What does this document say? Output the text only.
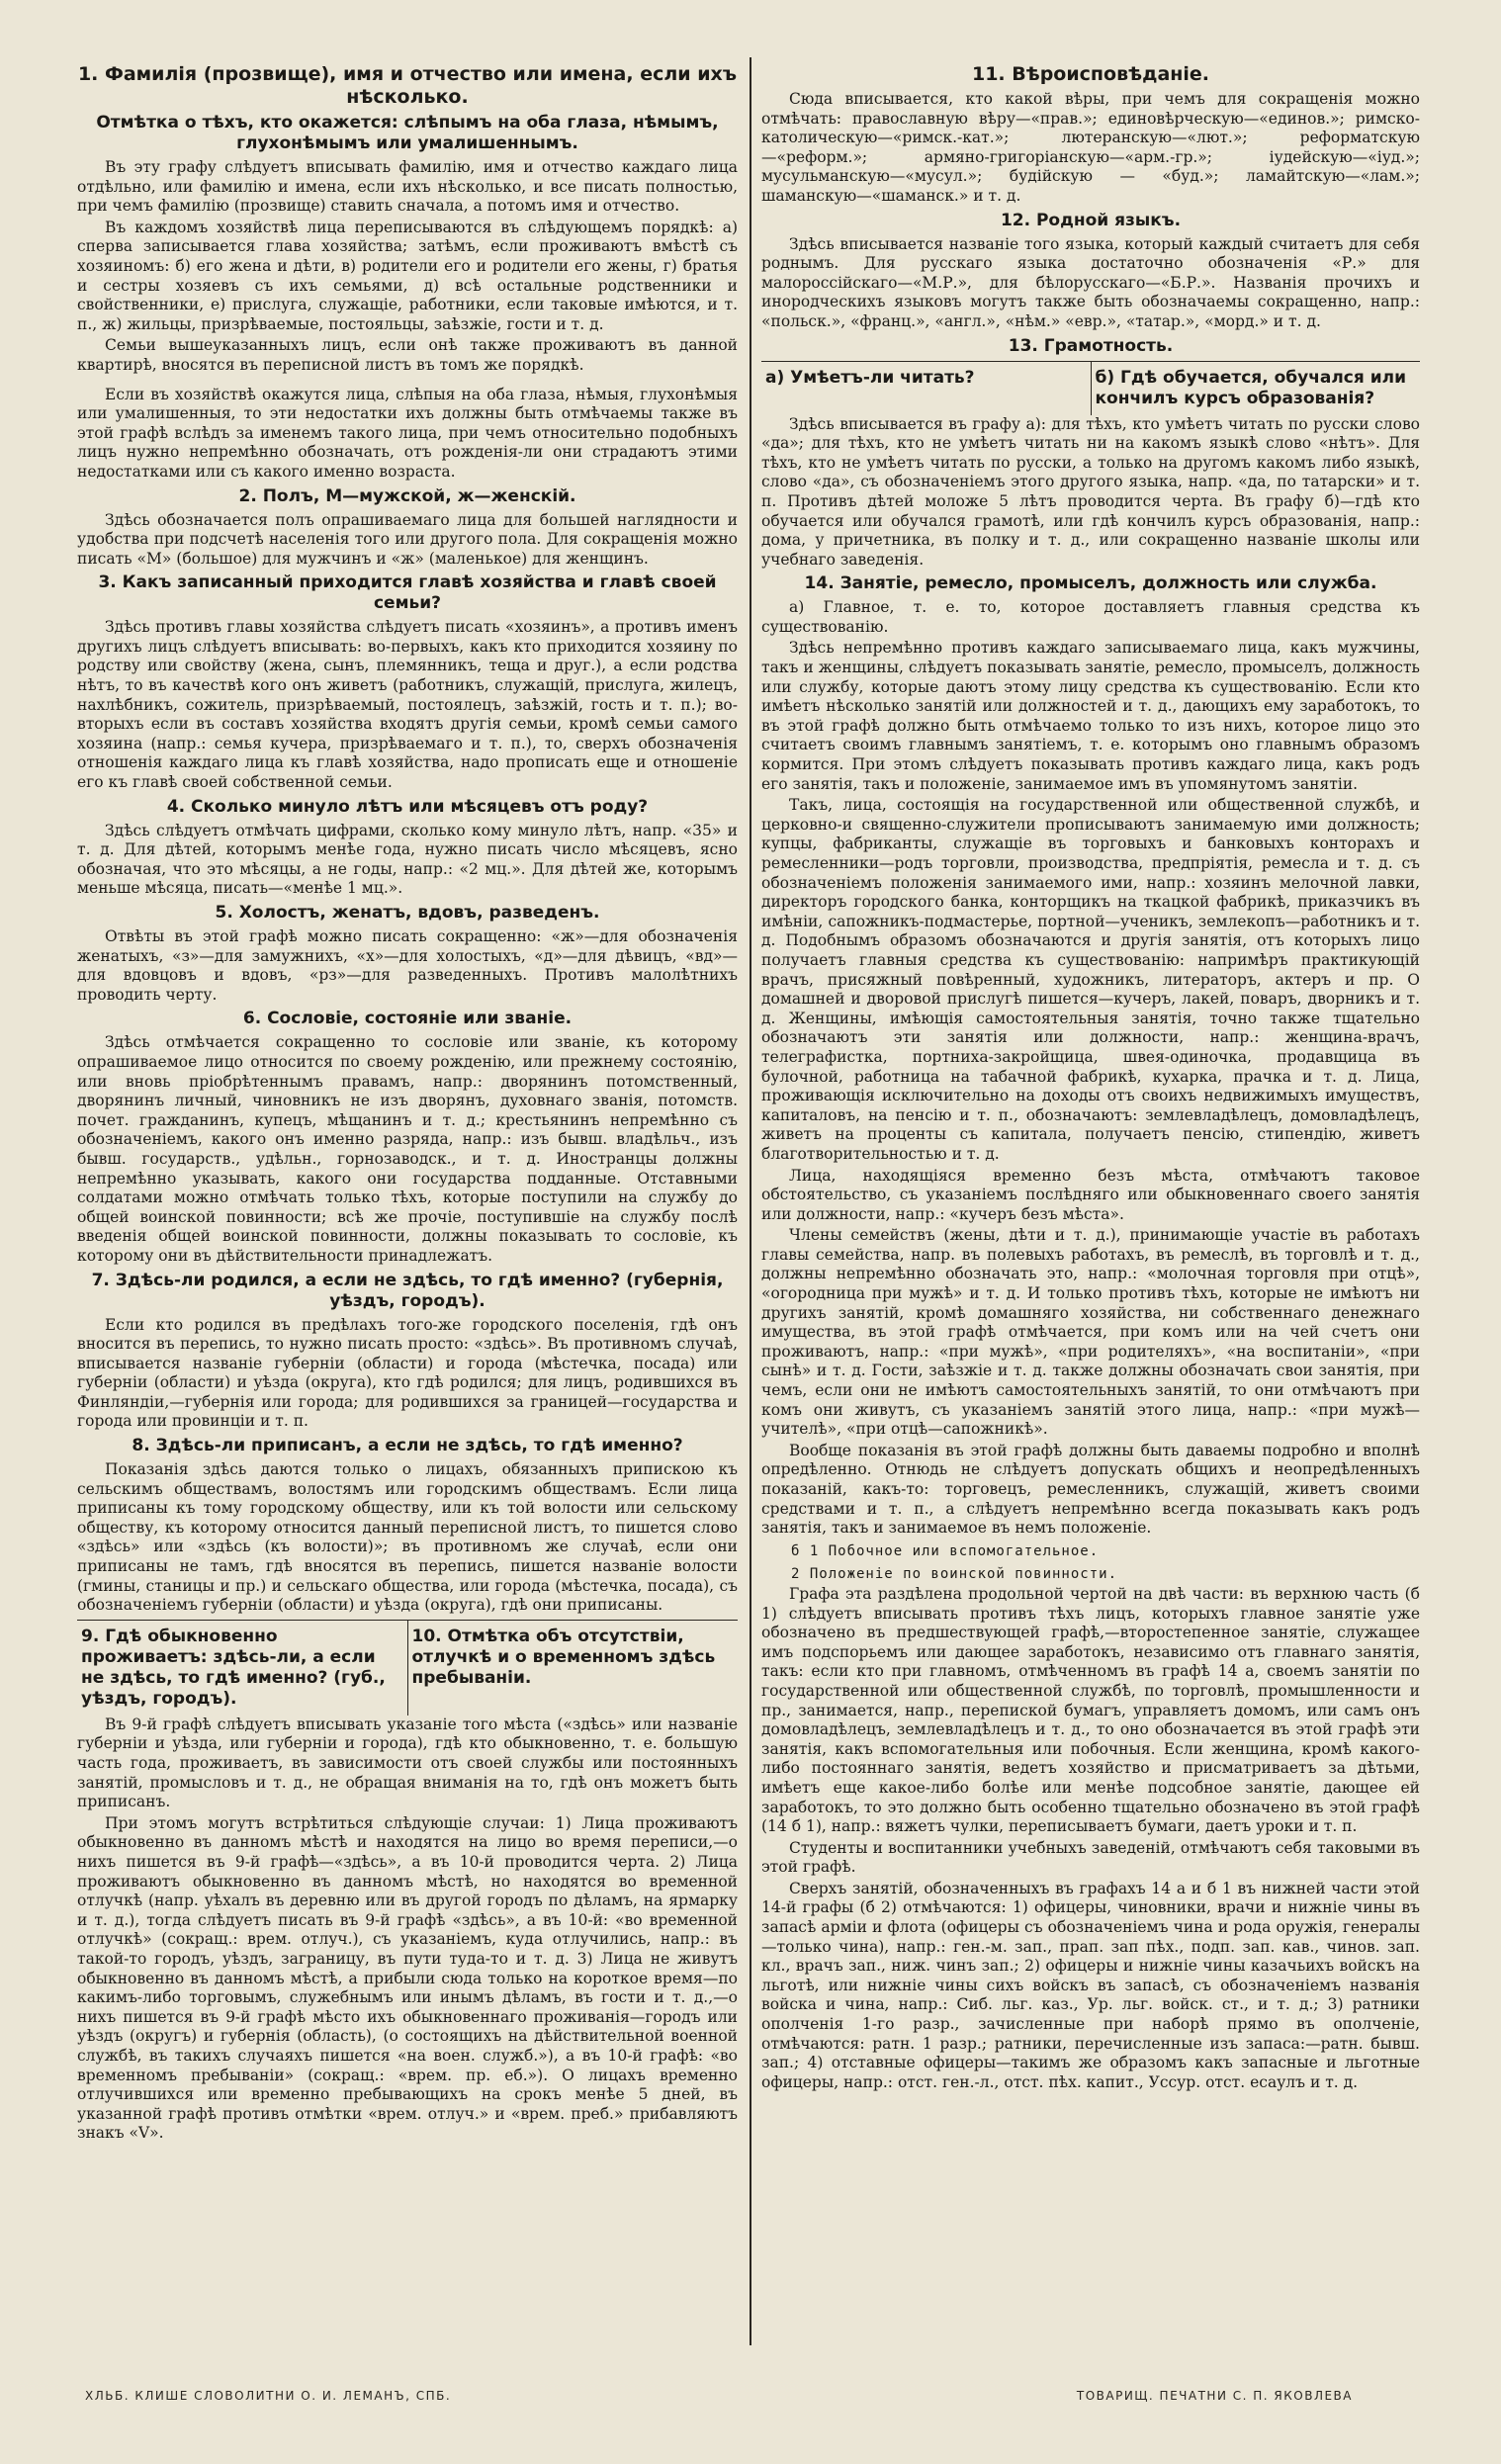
1. Фамилія (прозвище), имя и отчество или имена, если ихъ нѣсколько.
Отмѣтка о тѣхъ, кто окажется: слѣпымъ на оба глаза, нѣмымъ, глухонѣмымъ или умалишеннымъ.

Въ эту графу слѣдуетъ вписывать фамилію, имя и отчество каждаго лица отдѣльно, или фамилію и имена, если ихъ нѣсколько, и все писать полностью, при чемъ фамилію (прозвище) ставить сначала, а потомъ имя и отчество.

Въ каждомъ хозяйствѣ лица переписываются въ слѣдующемъ порядкѣ: а) сперва записывается глава хозяйства; затѣмъ, если проживаютъ вмѣстѣ съ хозяиномъ: б) его жена и дѣти, в) родители его и родители его жены, г) братья и сестры хозяевъ съ ихъ семьями, д) всѣ остальные родственники и свойственники, е) прислуга, служащіе, работники, если таковые имѣются, и т. п., ж) жильцы, призрѣваемые, постояльцы, заѣзжіе, гости и т. д.

Семьи вышеуказанныхъ лицъ, если онѣ также проживаютъ въ данной квартирѣ, вносятся въ переписной листъ въ томъ же порядкѣ.

Если въ хозяйствѣ окажутся лица, слѣпыя на оба глаза, нѣмыя, глухонѣмыя или умалишенныя, то эти недостатки ихъ должны быть отмѣчаемы также въ этой графѣ вслѣдъ за именемъ такого лица, при чемъ относительно подобныхъ лицъ нужно непремѣнно обозначать, отъ рожденія-ли они страдаютъ этими недостатками или съ какого именно возраста.

2. Полъ, М—мужской, ж—женскій.

Здѣсь обозначается полъ опрашиваемаго лица для большей наглядности и удобства при подсчетѣ населенія того или другого пола. Для сокращенія можно писать «М» (большое) для мужчинъ и «ж» (маленькое) для женщинъ.

3. Какъ записанный приходится главѣ хозяйства и главѣ своей семьи?

Здѣсь противъ главы хозяйства слѣдуетъ писать «хозяинъ», а противъ именъ другихъ лицъ слѣдуетъ вписывать: во-первыхъ, какъ кто приходится хозяину по родству или свойству (жена, сынъ, племянникъ, теща и друг.), а если родства нѣтъ, то въ качествѣ кого онъ живетъ (работникъ, служащій, прислуга, жилецъ, нахлѣбникъ, сожитель, призрѣваемый, постоялецъ, заѣзжій, гость и т. п.); во-вторыхъ если въ составъ хозяйства входятъ другія семьи, кромѣ семьи самого хозяина (напр.: семья кучера, призрѣваемаго и т. п.), то, сверхъ обозначенія отношенія каждаго лица къ главѣ хозяйства, надо прописать еще и отношеніе его къ главѣ своей собственной семьи.

4. Сколько минуло лѣтъ или мѣсяцевъ отъ роду?

Здѣсь слѣдуетъ отмѣчать цифрами, сколько кому минуло лѣтъ, напр. «35» и т. д. Для дѣтей, которымъ менѣе года, нужно писать число мѣсяцевъ, ясно обозначая, что это мѣсяцы, а не годы, напр.: «2 мц.». Для дѣтей же, которымъ меньше мѣсяца, писать—«менѣе 1 мц.».

5. Холостъ, женатъ, вдовъ, разведенъ.

Отвѣты въ этой графѣ можно писать сокращенно: «ж»—для обозначенія женатыхъ, «з»—для замужнихъ, «х»—для холостыхъ, «д»—для дѣвицъ, «вд»—для вдовцовъ и вдовъ, «рз»—для разведенныхъ. Противъ малолѣтнихъ проводить черту.

6. Сословіе, состояніе или званіе.

Здѣсь отмѣчается сокращенно то сословіе или званіе, къ которому опрашиваемое лицо относится по своему рожденію, или прежнему состоянію, или вновь пріобрѣтеннымъ правамъ, напр.: дворянинъ потомственный, дворянинъ личный, чиновникъ не изъ дворянъ, духовнаго званія, потомств. почет. гражданинъ, купецъ, мѣщанинъ и т. д.; крестьянинъ непремѣнно съ обозначеніемъ, какого онъ именно разряда, напр.: изъ бывш. владѣльч., изъ бывш. государств., удѣльн., горнозаводск., и т. д. Иностранцы должны непремѣнно указывать, какого они государства подданные. Отставными солдатами можно отмѣчать только тѣхъ, которые поступили на службу до общей воинской повинности; всѣ же прочіе, поступившіе на службу послѣ введенія общей воинской повинности, должны показывать то сословіе, къ которому они въ дѣйствительности принадлежатъ.

7. Здѣсь-ли родился, а если не здѣсь, то гдѣ именно? (губернія, уѣздъ, городъ).

Если кто родился въ предѣлахъ того-же городского поселенія, гдѣ онъ вносится въ перепись, то нужно писать просто: «здѣсь». Въ противномъ случаѣ, вписывается названіе губерніи (области) и города (мѣстечка, посада) или губерніи (области) и уѣзда (округа), кто гдѣ родился; для лицъ, родившихся въ Финляндіи,—губернія или города; для родившихся за границей—государства и города или провинціи и т. п.

8. Здѣсь-ли приписанъ, а если не здѣсь, то гдѣ именно?

Показанія здѣсь даются только о лицахъ, обязанныхъ припискою къ сельскимъ обществамъ, волостямъ или городскимъ обществамъ. Если лица приписаны къ тому городскому обществу, или къ той волости или сельскому обществу, къ которому относится данный переписной листъ, то пишется слово «здѣсь» или «здѣсь (къ волости)»; въ противномъ же случаѣ, если они приписаны не тамъ, гдѣ вносятся въ перепись, пишется названіе волости (гмины, станицы и пр.) и сельскаго общества, или города (мѣстечка, посада), съ обозначеніемъ губерніи (области) и уѣзда (округа), гдѣ они приписаны.

9. Гдѣ обыкновенно проживаетъ: здѣсь-ли, а если не здѣсь, то гдѣ именно? (губ., уѣздъ, городъ).
10. Отмѣтка объ отсутствіи, отлучкѣ и о временномъ здѣсь пребываніи.

Въ 9-й графѣ слѣдуетъ вписывать указаніе того мѣста («здѣсь» или названіе губерніи и уѣзда, или губерніи и города), гдѣ кто обыкновенно, т. е. большую часть года, проживаетъ, въ зависимости отъ своей службы или постоянныхъ занятій, промысловъ и т. д., не обращая вниманія на то, гдѣ онъ можетъ быть приписанъ.

При этомъ могутъ встрѣтиться слѣдующіе случаи: 1) Лица проживаютъ обыкновенно въ данномъ мѣстѣ и находятся на лицо во время переписи,—о нихъ пишется въ 9-й графѣ—«здѣсь», а въ 10-й проводится черта. 2) Лица проживаютъ обыкновенно въ данномъ мѣстѣ, но находятся во временной отлучкѣ (напр. уѣхалъ въ деревню или въ другой городъ по дѣламъ, на ярмарку и т. д.), тогда слѣдуетъ писать въ 9-й графѣ «здѣсь», а въ 10-й: «во временной отлучкѣ» (сокращ.: врем. отлуч.), съ указаніемъ, куда отлучились, напр.: въ такой-то городъ, уѣздъ, заграницу, въ пути туда-то и т. д. 3) Лица не живутъ обыкновенно въ данномъ мѣстѣ, а прибыли сюда только на короткое время—по какимъ-либо торговымъ, служебнымъ или инымъ дѣламъ, въ гости и т. д.,—о нихъ пишется въ 9-й графѣ мѣсто ихъ обыкновеннаго проживанія—городъ или уѣздъ (округъ) и губернія (область), (о состоящихъ на дѣйствительной военной службѣ, въ такихъ случаяхъ пишется «на воен. служб.»), а въ 10-й графѣ: «во временномъ пребываніи» (сокращ.: «врем. пр. еб.»). О лицахъ временно отлучившихся или временно пребывающихъ на срокъ менѣе 5 дней, въ указанной графѣ противъ отмѣтки «врем. отлуч.» и «врем. преб.» прибавляютъ знакъ «V».

11. Вѣроисповѣданіе.

Сюда вписывается, кто какой вѣры, при чемъ для сокращенія можно отмѣчать: православную вѣру—«прав.»; единовѣрческую—«единов.»; римско-католическую—«римск.-кат.»; лютеранскую—«лют.»; реформатскую—«реформ.»; армяно-григоріанскую—«арм.-гр.»; іудейскую—«іуд.»; мусульманскую—«мусул.»; будійскую — «буд.»; ламайтскую—«лам.»; шаманскую—«шаманск.» и т. д.

12. Родной языкъ.

Здѣсь вписывается названіе того языка, который каждый считаетъ для себя роднымъ. Для русскаго языка достаточно обозначенія «Р.» для малороссійскаго—«М.Р.», для бѣлорусскаго—«Б.Р.». Названія прочихъ и инородческихъ языковъ могутъ также быть обозначаемы сокращенно, напр.: «польск.», «франц.», «англ.», «нѣм.» «евр.», «татар.», «морд.» и т. д.

13. Грамотность.
а) Умѣетъ-ли читать?	б) Гдѣ обучается, обучался или кончилъ курсъ образованія?

Здѣсь вписывается въ графу а): для тѣхъ, кто умѣетъ читать по русски слово «да»; для тѣхъ, кто не умѣетъ читать ни на какомъ языкѣ слово «нѣтъ». Для тѣхъ, кто не умѣетъ читать по русски, а только на другомъ какомъ либо языкѣ, слово «да», съ обозначеніемъ этого другого языка, напр. «да, по татарски» и т. п. Противъ дѣтей моложе 5 лѣтъ проводится черта. Въ графу б)—гдѣ кто обучается или обучался грамотѣ, или гдѣ кончилъ курсъ образованія, напр.: дома, у причетника, въ полку и т. д., или сокращенно названіе школы или учебнаго заведенія.

14. Занятіе, ремесло, промыселъ, должность или служба.

а) Главное, т. е. то, которое доставляетъ главныя средства къ существованію.

Здѣсь непремѣнно противъ каждаго записываемаго лица, какъ мужчины, такъ и женщины, слѣдуетъ показывать занятіе, ремесло, промыселъ, должность или службу, которые даютъ этому лицу средства къ существованію. Если кто имѣетъ нѣсколько занятій или должностей и т. д., дающихъ ему заработокъ, то въ этой графѣ должно быть отмѣчаемо только то изъ нихъ, которое лицо это считаетъ своимъ главнымъ занятіемъ, т. е. которымъ оно главнымъ образомъ кормится. При этомъ слѣдуетъ показывать противъ каждаго лица, какъ родъ его занятія, такъ и положеніе, занимаемое имъ въ упомянутомъ занятіи.

Такъ, лица, состоящія на государственной или общественной службѣ, и церковно-и священно-служители прописываютъ занимаемую ими должность; купцы, фабриканты, служащіе въ торговыхъ и банковыхъ конторахъ и ремесленники—родъ торговли, производства, предпріятія, ремесла и т. д. съ обозначеніемъ положенія занимаемого ими, напр.: хозяинъ мелочной лавки, директоръ городского банка, конторщикъ на ткацкой фабрикѣ, приказчикъ въ имѣніи, сапожникъ-подмастерье, портной—ученикъ, землекопъ—работникъ и т. д. Подобнымъ образомъ обозначаются и другія занятія, отъ которыхъ лицо получаетъ главныя средства къ существованію: напримѣръ практикующій врачъ, присяжный повѣренный, художникъ, литераторъ, актеръ и пр. О домашней и дворовой прислугѣ пишется—кучеръ, лакей, поваръ, дворникъ и т. д. Женщины, имѣющія самостоятельныя занятія, точно также тщательно обозначаютъ эти занятія или должности, напр.: женщина-врачъ, телеграфистка, портниха-закройщица, швея-одиночка, продавщица въ булочной, работница на табачной фабрикѣ, кухарка, прачка и т. д. Лица, проживающія исключительно на доходы отъ своихъ недвижимыхъ имуществъ, капиталовъ, на пенсію и т. п., обозначаютъ: землевладѣлецъ, домовладѣлецъ, живетъ на проценты съ капитала, получаетъ пенсію, стипендію, живетъ благотворительностью и т. д.

Лица, находящіяся временно безъ мѣста, отмѣчаютъ таковое обстоятельство, съ указаніемъ послѣдняго или обыкновеннаго своего занятія или должности, напр.: «кучеръ безъ мѣста».

Члены семействъ (жены, дѣти и т. д.), принимающіе участіе въ работахъ главы семейства, напр. въ полевыхъ работахъ, въ ремеслѣ, въ торговлѣ и т. д., должны непремѣнно обозначать это, напр.: «молочная торговля при отцѣ», «огородница при мужѣ» и т. д. И только противъ тѣхъ, которые не имѣютъ ни другихъ занятій, кромѣ домашняго хозяйства, ни собственнаго денежнаго имущества, въ этой графѣ отмѣчается, при комъ или на чей счетъ они проживаютъ, напр.: «при мужѣ», «при родителяхъ», «на воспитаніи», «при сынѣ» и т. д. Гости, заѣзжіе и т. д. также должны обозначать свои занятія, при чемъ, если они не имѣютъ самостоятельныхъ занятій, то они отмѣчаютъ при комъ они живутъ, съ указаніемъ занятій этого лица, напр.: «при мужѣ—учителѣ», «при отцѣ—сапожникѣ».

Вообще показанія въ этой графѣ должны быть даваемы подробно и вполнѣ опредѣленно. Отнюдь не слѣдуетъ допускать общихъ и неопредѣленныхъ показаній, какъ-то: торговецъ, ремесленникъ, служащій, живетъ своими средствами и т. п., а слѣдуетъ непремѣнно всегда показывать какъ родъ занятія, такъ и занимаемое въ немъ положеніе.

б 1 Побочное или вспомогательное.
2 Положеніе по воинской повинности.

Графа эта раздѣлена продольной чертой на двѣ части: въ верхнюю часть (б 1) слѣдуетъ вписывать противъ тѣхъ лицъ, которыхъ главное занятіе уже обозначено въ предшествующей графѣ,—второстепенное занятіе, служащее имъ подспорьемъ или дающее заработокъ, независимо отъ главнаго занятія, такъ: если кто при главномъ, отмѣченномъ въ графѣ 14 а, своемъ занятіи по государственной или общественной службѣ, по торговлѣ, промышленности и пр., занимается, напр., перепиской бумагъ, управляетъ домомъ, или самъ онъ домовладѣлецъ, землевладѣлецъ и т. д., то оно обозначается въ этой графѣ эти занятія, какъ вспомогательныя или побочныя. Если женщина, кромѣ какого-либо постояннаго занятія, ведетъ хозяйство и присматриваетъ за дѣтьми, имѣетъ еще какое-либо болѣе или менѣе подсобное занятіе, дающее ей заработокъ, то это должно быть особенно тщательно обозначено въ этой графѣ (14 б 1), напр.: вяжетъ чулки, переписываетъ бумаги, даетъ уроки и т. п.

Студенты и воспитанники учебныхъ заведеній, отмѣчаютъ себя таковыми въ этой графѣ.

Сверхъ занятій, обозначенныхъ въ графахъ 14 а и б 1 въ нижней части этой 14-й графы (б 2) отмѣчаются: 1) офицеры, чиновники, врачи и нижніе чины въ запасѣ арміи и флота (офицеры съ обозначеніемъ чина и рода оружія, генералы—только чина), напр.: ген.-м. зап., прап. зап пѣх., подп. зап. кав., чинов. зап. кл., врачъ зап., ниж. чинъ зап.; 2) офицеры и нижніе чины казачьихъ войскъ на льготѣ, или нижніе чины сихъ войскъ въ запасѣ, съ обозначеніемъ названія войска и чина, напр.: Сиб. льг. каз., Ур. льг. войск. ст., и т. д.; 3) ратники ополченія 1-го разр., зачисленные при наборѣ прямо въ ополченіе, отмѣчаются: ратн. 1 разр.; ратники, перечисленные изъ запаса:—ратн. бывш. зап.; 4) отставные офицеры—такимъ же образомъ какъ запасные и льготные офицеры, напр.: отст. ген.-л., отст. пѣх. капит., Уссур. отст. есаулъ и т. д.

ХЛЬБ. КЛИШЕ СЛОВОЛИТНИ О. И. ЛЕМАНЪ, СПБ.	ТОВАРИЩ. ПЕЧАТНИ С. П. ЯКОВЛЕВА
